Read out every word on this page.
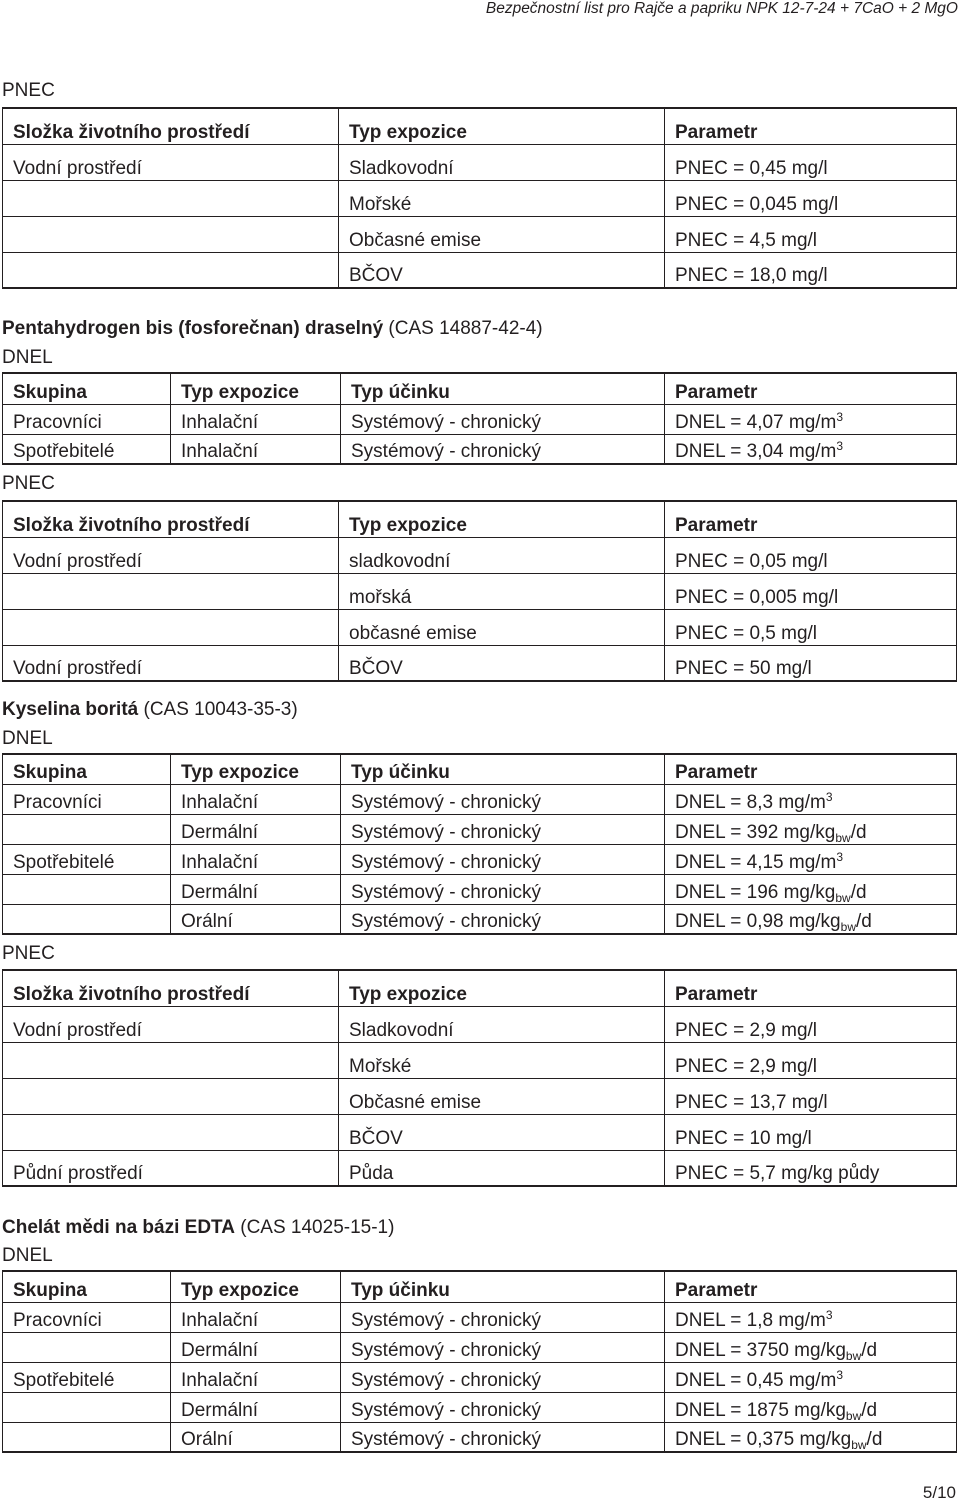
Bezpečnostní list pro Rajče a papriku NPK 12-7-24 + 7CaO + 2 MgO
PNEC
Složka životního prostředí	Typ expozice	Parametr
Vodní prostředí	Sladkovodní	PNEC = 0,45 mg/l
	Mořské	PNEC = 0,045 mg/l
	Občasné emise	PNEC = 4,5 mg/l
	BČOV	PNEC = 18,0 mg/l
Pentahydrogen bis (fosforečnan) draselný (CAS 14887-42-4)
DNEL
Skupina	Typ expozice	Typ účinku	Parametr
Pracovníci	Inhalační	Systémový - chronický	DNEL = 4,07 $mg/m^3$
Spotřebitelé	Inhalační	Systémový - chronický	DNEL = 3,04 $mg/m^3$
PNEC
Složka životního prostředí	Typ expozice	Parametr
Vodní prostředí	sladkovodní	PNEC = 0,05 mg/l
	mořská	PNEC = 0,005 mg/l
	občasné emise	PNEC = 0,5 mg/l
Vodní prostředí	BČOV	PNEC = 50 mg/l
Kyselina boritá (CAS 10043-35-3)
DNEL
Skupina	Typ expozice	Typ účinku	Parametr
Pracovníci	Inhalační	Systémový - chronický	DNEL = 8,3 $mg/m^3$
	Dermální	Systémový - chronický	DNEL = 392 $mg/kg_{bw}/d$
Spotřebitelé	Inhalační	Systémový - chronický	DNEL = 4,15 $mg/m^3$
	Dermální	Systémový - chronický	DNEL = 196 $mg/kg_{bw}/d$
	Orální	Systémový - chronický	DNEL = 0,98 $mg/kg_{bw}/d$
PNEC
Složka životního prostředí	Typ expozice	Parametr
Vodní prostředí	Sladkovodní	PNEC = 2,9 mg/l
	Mořské	PNEC = 2,9 mg/l
	Občasné emise	PNEC = 13,7 mg/l
	BČOV	PNEC = 10 mg/l
Půdní prostředí	Půda	PNEC = 5,7 mg/kg půdy
Chelát mědi na bázi EDTA (CAS 14025-15-1)
DNEL
Skupina	Typ expozice	Typ účinku	Parametr
Pracovníci	Inhalační	Systémový - chronický	DNEL = 1,8 $mg/m^3$
	Dermální	Systémový - chronický	DNEL = 3750 $mg/kg_{bw}/d$
Spotřebitelé	Inhalační	Systémový - chronický	DNEL = 0,45 $mg/m^3$
	Dermální	Systémový - chronický	DNEL = 1875 $mg/kg_{bw}/d$
	Orální	Systémový - chronický	DNEL = 0,375 $mg/kg_{bw}/d$
5/10
